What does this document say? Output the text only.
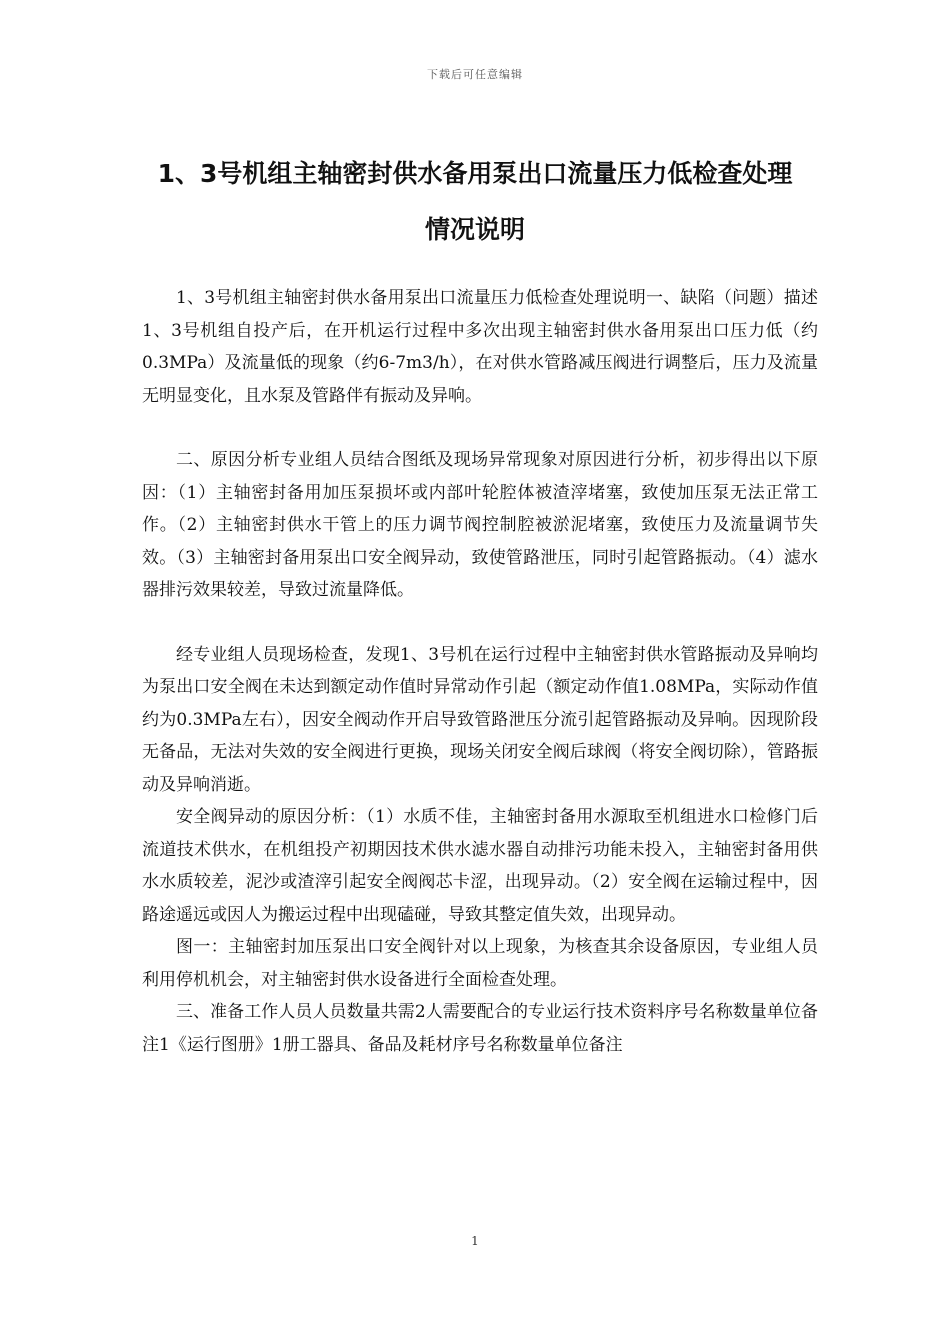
下载后可任意编辑
1、3号机组主轴密封供水备用泵出口流量压力低检查处理
情况说明

1、3号机组主轴密封供水备用泵出口流量压力低检查处理说明一、缺陷（问题）描述1、3号机组自投产后，在开机运行过程中多次出现主轴密封供水备用泵出口压力低（约0.3MPa）及流量低的现象（约6-7m3/h），在对供水管路减压阀进行调整后，压力及流量无明显变化，且水泵及管路伴有振动及异响。

二、原因分析专业组人员结合图纸及现场异常现象对原因进行分析，初步得出以下原因：（1）主轴密封备用加压泵损坏或内部叶轮腔体被渣滓堵塞，致使加压泵无法正常工作。（2）主轴密封供水干管上的压力调节阀控制腔被淤泥堵塞，致使压力及流量调节失效。（3）主轴密封备用泵出口安全阀异动，致使管路泄压，同时引起管路振动。（4）滤水器排污效果较差，导致过流量降低。

经专业组人员现场检查，发现1、3号机在运行过程中主轴密封供水管路振动及异响均为泵出口安全阀在未达到额定动作值时异常动作引起（额定动作值1.08MPa，实际动作值约为0.3MPa左右），因安全阀动作开启导致管路泄压分流引起管路振动及异响。因现阶段无备品，无法对失效的安全阀进行更换，现场关闭安全阀后球阀（将安全阀切除），管路振动及异响消逝。

安全阀异动的原因分析：（1）水质不佳，主轴密封备用水源取至机组进水口检修门后流道技术供水，在机组投产初期因技术供水滤水器自动排污功能未投入，主轴密封备用供水水质较差，泥沙或渣滓引起安全阀阀芯卡涩，出现异动。（2）安全阀在运输过程中，因路途遥远或因人为搬运过程中出现磕碰，导致其整定值失效，出现异动。

图一：主轴密封加压泵出口安全阀针对以上现象，为核查其余设备原因，专业组人员利用停机机会，对主轴密封供水设备进行全面检查处理。

三、准备工作人员人员数量共需2人需要配合的专业运行技术资料序号名称数量单位备注1《运行图册》1册工器具、备品及耗材序号名称数量单位备注

1
